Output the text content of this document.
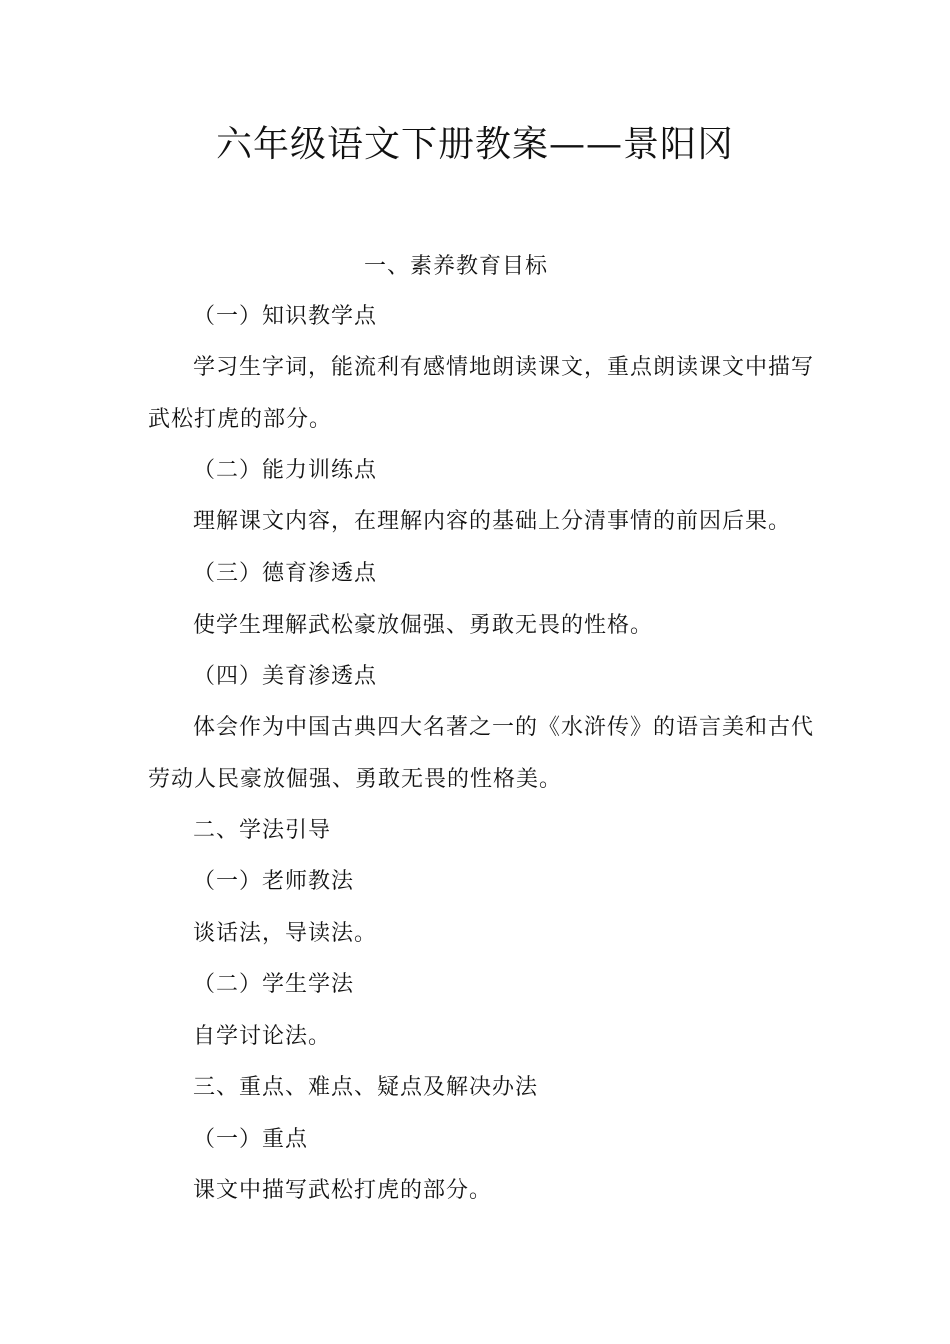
六年级语文下册教案——景阳冈
一、素养教育目标
（一）知识教学点
学习生字词，能流利有感情地朗读课文，重点朗读课文中描写
武松打虎的部分。
（二）能力训练点
理解课文内容，在理解内容的基础上分清事情的前因后果。
（三）德育渗透点
使学生理解武松豪放倔强、勇敢无畏的性格。
（四）美育渗透点
体会作为中国古典四大名著之一的《水浒传》的语言美和古代
劳动人民豪放倔强、勇敢无畏的性格美。
二、学法引导
（一）老师教法
谈话法，导读法。
（二）学生学法
自学讨论法。
三、重点、难点、疑点及解决办法
（一）重点
课文中描写武松打虎的部分。
